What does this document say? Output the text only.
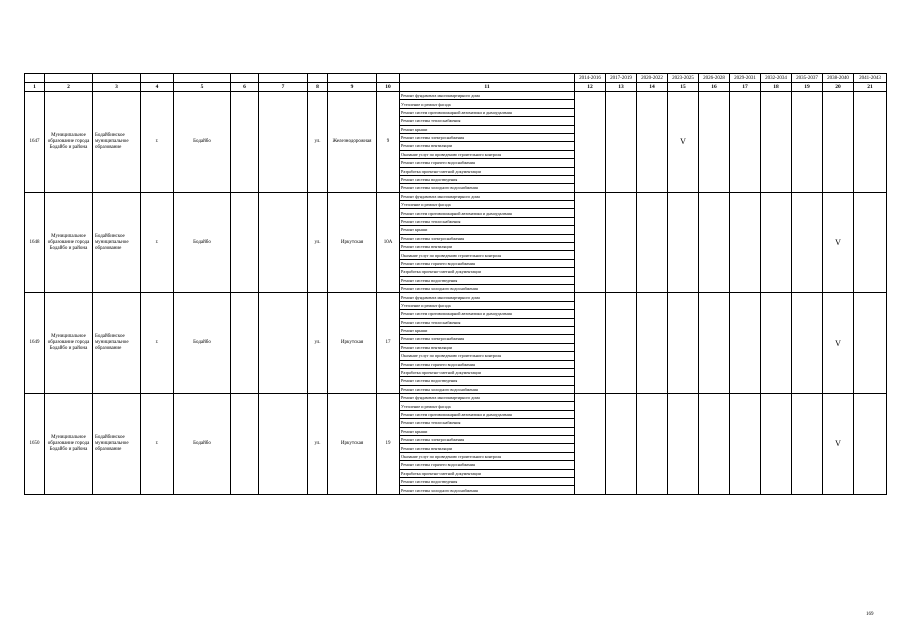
											2014-2016	2017-2019	2020-2022	2023-2025	2026-2028	2029-2031	2032-2034	2035-2037	2038-2040	2041-2043
1	2	3	4	5	6	7	8	9	10	11	12	13	14	15	16	17	18	19	20	21
1647	Муниципальное образование города Бодайбо и района	Бодайбинское муниципальное образование	г.	Бодайбо			ул.	Железнодорожная	9	Ремонт фундамента многоквартирного дома				V						
										Утепление и ремонт фасада										
										Ремонт систем противопожарной автоматики и дымоудаления										
										Ремонт системы теплоснабжения										
										Ремонт крыши										
										Ремонт системы электроснабжения										
										Ремонт системы вентиляции										
										Оказание услуг по проведению строительного контроля										
										Ремонт системы горячего водоснабжения										
										Разработка проектно-сметной документации										
										Ремонт системы водоотведения										
										Ремонт системы холодного водоснабжения										
1648	Муниципальное образование города Бодайбо и района	Бодайбинское муниципальное образование	г.	Бодайбо			ул.	Иркутская	10А	Ремонт фундамента многоквартирного дома									V	
										Утепление и ремонт фасада										
										Ремонт систем противопожарной автоматики и дымоудаления										
										Ремонт системы теплоснабжения										
										Ремонт крыши										
										Ремонт системы электроснабжения										
										Ремонт системы вентиляции										
										Оказание услуг по проведению строительного контроля										
										Ремонт системы горячего водоснабжения										
										Разработка проектно-сметной документации										
										Ремонт системы водоотведения										
										Ремонт системы холодного водоснабжения										
1649	Муниципальное образование города Бодайбо и района	Бодайбинское муниципальное образование	г.	Бодайбо			ул.	Иркутская	17	Ремонт фундамента многоквартирного дома									V	
										Утепление и ремонт фасада										
										Ремонт систем противопожарной автоматики и дымоудаления										
										Ремонт системы теплоснабжения										
										Ремонт крыши										
										Ремонт системы электроснабжения										
										Ремонт системы вентиляции										
										Оказание услуг по проведению строительного контроля										
										Ремонт системы горячего водоснабжения										
										Разработка проектно-сметной документации										
										Ремонт системы водоотведения										
										Ремонт системы холодного водоснабжения										
1650	Муниципальное образование города Бодайбо и района	Бодайбинское муниципальное образование	г.	Бодайбо			ул.	Иркутская	19	Ремонт фундамента многоквартирного дома									V	
										Утепление и ремонт фасада										
										Ремонт систем противопожарной автоматики и дымоудаления										
										Ремонт системы теплоснабжения										
										Ремонт крыши										
										Ремонт системы электроснабжения										
										Ремонт системы вентиляции										
										Оказание услуг по проведению строительного контроля										
										Ремонт системы горячего водоснабжения										
										Разработка проектно-сметной документации										
										Ремонт системы водоотведения										
										Ремонт системы холодного водоснабжения										
169
